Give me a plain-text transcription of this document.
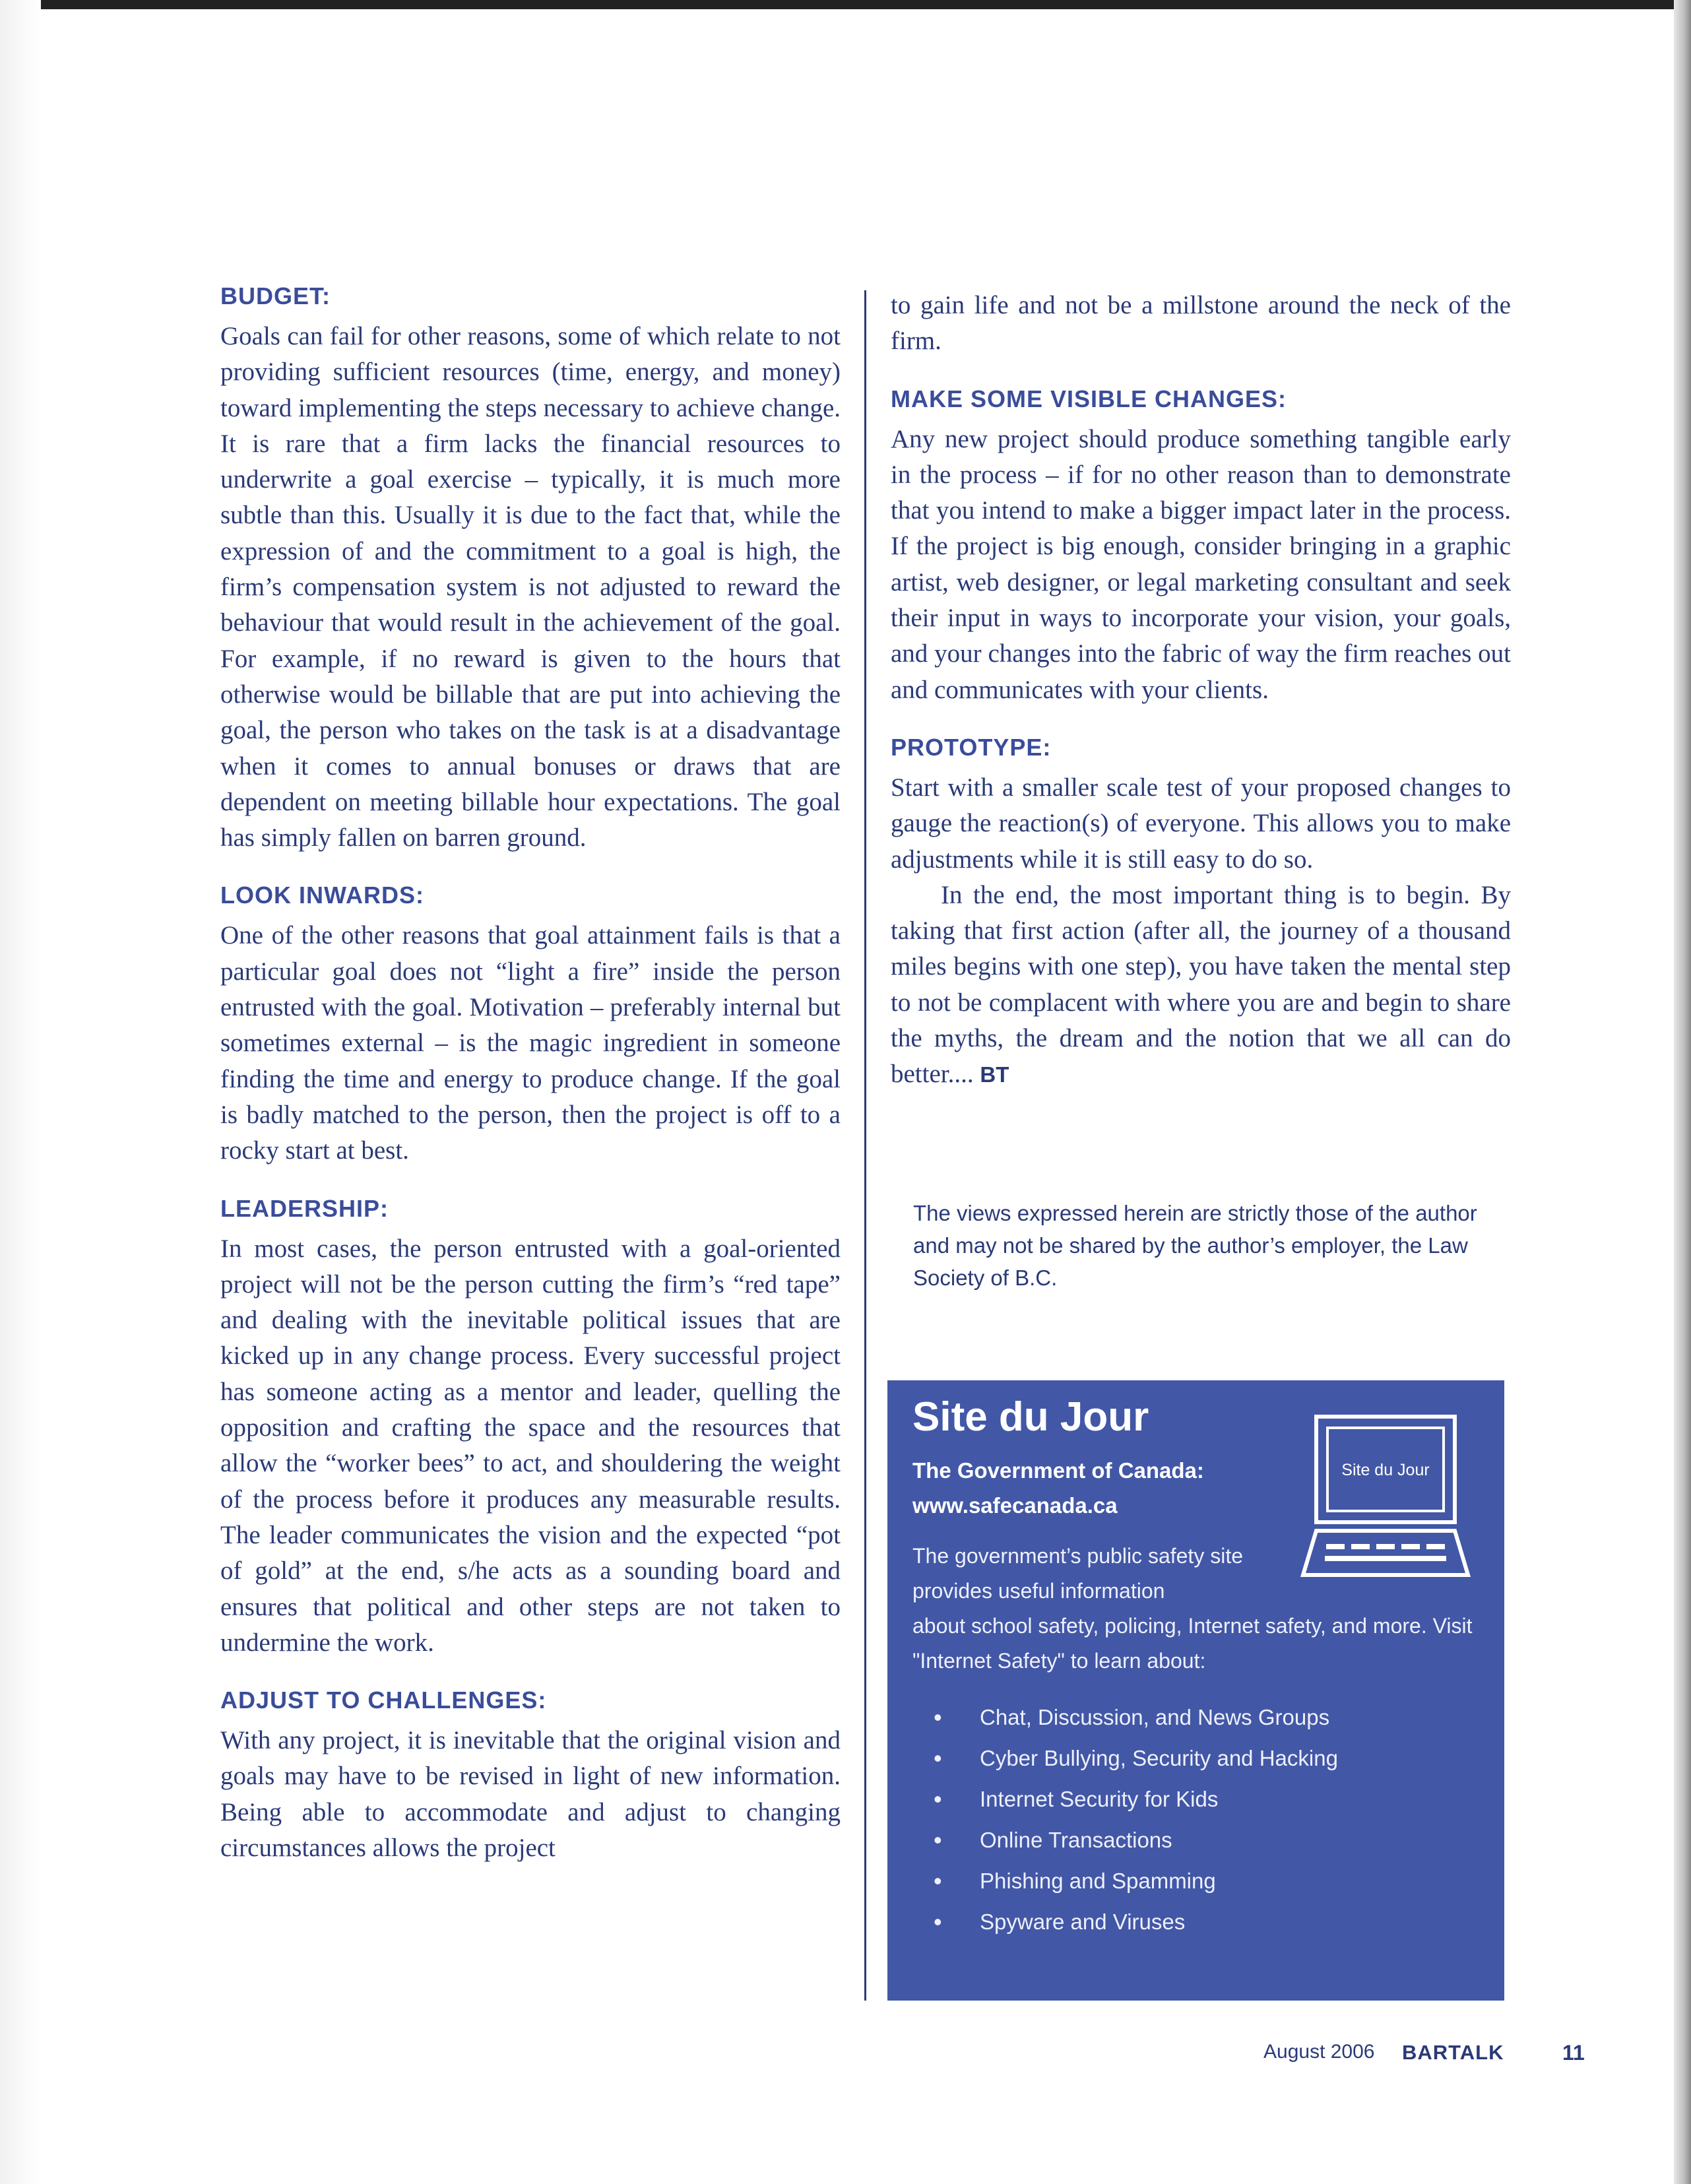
BUDGET:

Goals can fail for other reasons, some of which relate to not providing sufficient resources (time, energy, and money) toward implementing the steps necessary to achieve change. It is rare that a firm lacks the financial resources to underwrite a goal exercise – typically, it is much more subtle than this. Usually it is due to the fact that, while the expression of and the commitment to a goal is high, the firm’s compensation system is not adjusted to reward the behaviour that would result in the achievement of the goal. For example, if no reward is given to the hours that otherwise would be billable that are put into achieving the goal, the person who takes on the task is at a disadvantage when it comes to annual bonuses or draws that are dependent on meeting billable hour expectations. The goal has simply fallen on barren ground.

LOOK INWARDS:

One of the other reasons that goal attainment fails is that a particular goal does not “light a fire” inside the person entrusted with the goal. Motivation – preferably internal but sometimes external – is the magic ingredient in someone finding the time and energy to produce change. If the goal is badly matched to the person, then the project is off to a rocky start at best.

LEADERSHIP:

In most cases, the person entrusted with a goal-oriented project will not be the person cutting the firm’s “red tape” and dealing with the inevitable political issues that are kicked up in any change process. Every successful project has someone acting as a mentor and leader, quelling the opposition and crafting the space and the resources that allow the “worker bees” to act, and shouldering the weight of the process before it produces any measurable results. The leader communicates the vision and the expected “pot of gold” at the end, s/he acts as a sounding board and ensures that political and other steps are not taken to undermine the work.

ADJUST TO CHALLENGES:

With any project, it is inevitable that the original vision and goals may have to be revised in light of new information. Being able to accommodate and adjust to changing circumstances allows the project

to gain life and not be a millstone around the neck of the firm.

MAKE SOME VISIBLE CHANGES:

Any new project should produce something tangible early in the process – if for no other reason than to demonstrate that you intend to make a bigger impact later in the process. If the project is big enough, consider bringing in a graphic artist, web designer, or legal marketing consultant and seek their input in ways to incorporate your vision, your goals, and your changes into the fabric of way the firm reaches out and communicates with your clients.

PROTOTYPE:

Start with a smaller scale test of your proposed changes to gauge the reaction(s) of everyone. This allows you to make adjustments while it is still easy to do so.

In the end, the most important thing is to begin. By taking that first action (after all, the journey of a thousand miles begins with one step), you have taken the mental step to not be complacent with where you are and begin to share the myths, the dream and the notion that we all can do better.... BT

The views expressed herein are strictly those of the author and may not be shared by the author’s employer, the Law Society of B.C.
Site du Jour
The Government of Canada:
www.safecanada.ca
Site du Jour
The government’s public safety site provides useful information
about school safety, policing, Internet safety, and more. Visit "Internet Safety" to learn about:
• Chat, Discussion, and News Groups
• Cyber Bullying, Security and Hacking
• Internet Security for Kids
• Online Transactions
• Phishing and Spamming
• Spyware and Viruses
August 2006 BARTALK	11
